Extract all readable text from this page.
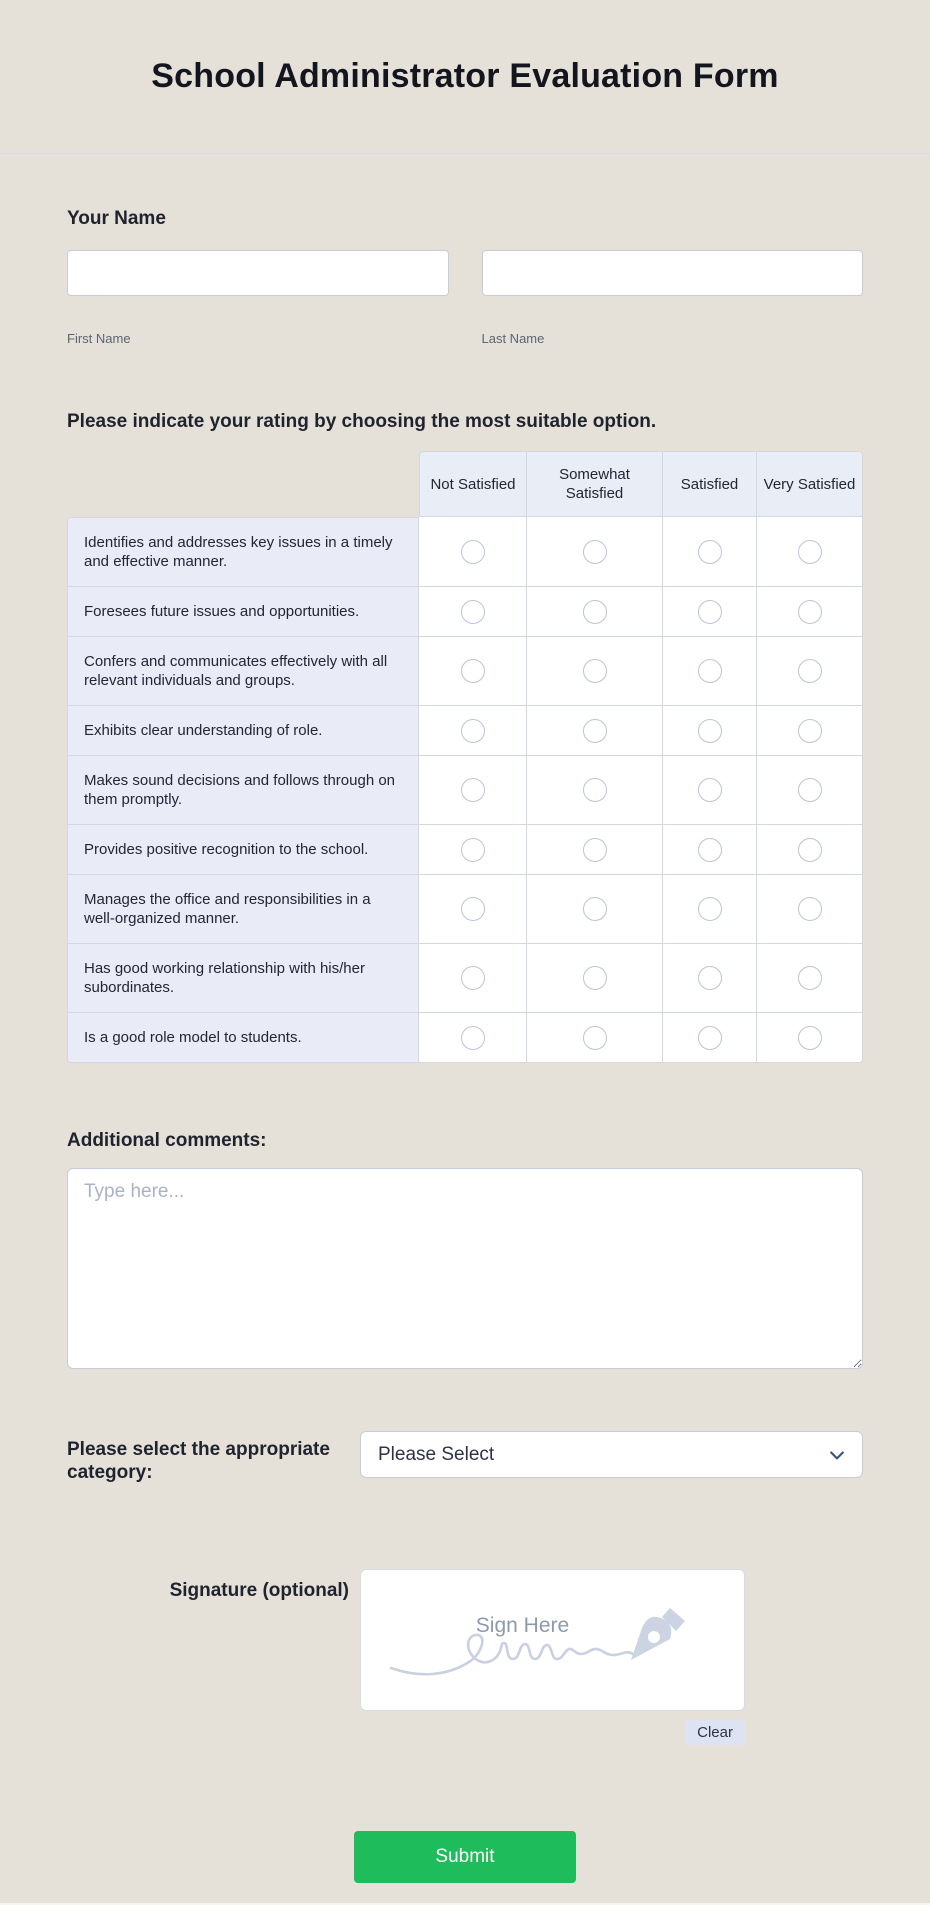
School Administrator Evaluation Form
Your Name
First Name	Last Name
Please indicate your rating by choosing the most suitable option.
	Not Satisfied	Somewhat Satisfied	Satisfied	Very Satisfied
Identifies and addresses key issues in a timely and effective manner.				
Foresees future issues and opportunities.				
Confers and communicates effectively with all relevant individuals and groups.				
Exhibits clear understanding of role.				
Makes sound decisions and follows through on them promptly.				
Provides positive recognition to the school.				
Manages the office and responsibilities in a well-organized manner.				
Has good working relationship with his/her subordinates.				
Is a good role model to students.				
Additional comments:
Type here...
Please select the appropriate category:
Please Select
Signature (optional)
Sign Here
Clear
Submit
